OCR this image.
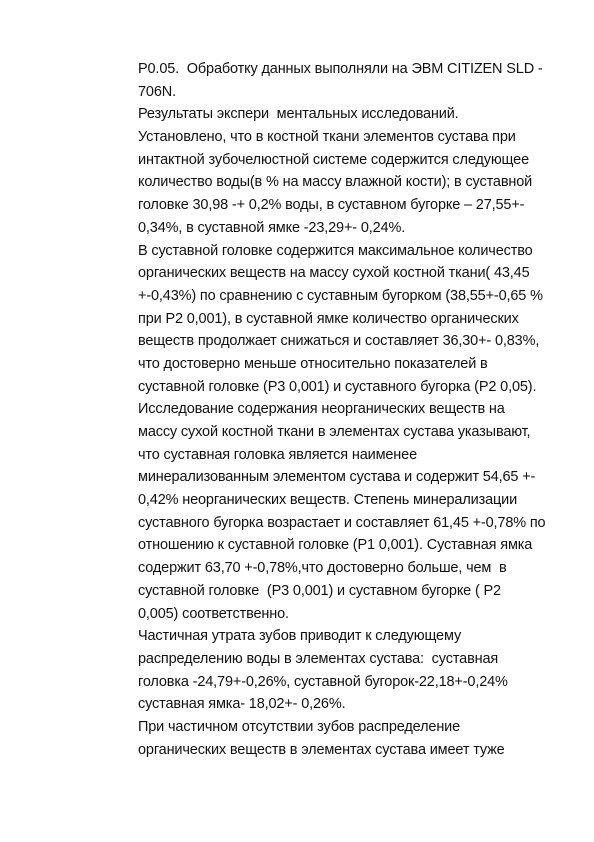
Р0.05.  Обработку данных выполняли на ЭВМ CITIZEN SLD -
706N.
Результаты экспери  ментальных исследований.
Установлено, что в костной ткани элементов сустава при
интактной зубочелюстной системе содержится следующее
количество воды(в % на массу влажной кости); в суставной
головке 30,98 -+ 0,2% воды, в суставном бугорке – 27,55+-
0,34%, в суставной ямке -23,29+- 0,24%.
В суставной головке содержится максимальное количество
органических веществ на массу сухой костной ткани( 43,45
+-0,43%) по сравнению с суставным бугорком (38,55+-0,65 %
при Р2 0,001), в суставной ямке количество органических
веществ продолжает снижаться и составляет 36,30+- 0,83%,
что достоверно меньше относительно показателей в
суставной головке (Р3 0,001) и суставного бугорка (Р2 0,05).
Исследование содержания неорганических веществ на
массу сухой костной ткани в элементах сустава указывают,
что суставная головка является наименее
минерализованным элементом сустава и содержит 54,65 +-
0,42% неорганических веществ. Степень минерализации
суставного бугорка возрастает и составляет 61,45 +-0,78% по
отношению к суставной головке (Р1 0,001). Суставная ямка
содержит 63,70 +-0,78%,что достоверно больше, чем  в
суставной головке  (Р3 0,001) и суставном бугорке ( Р2
0,005) соответственно.
Частичная утрата зубов приводит к следующему
распределению воды в элементах сустава:  суставная
головка -24,79+-0,26%, суставной бугорок-22,18+-0,24%
суставная ямка- 18,02+- 0,26%.
При частичном отсутствии зубов распределение
органических веществ в элементах сустава имеет туже
